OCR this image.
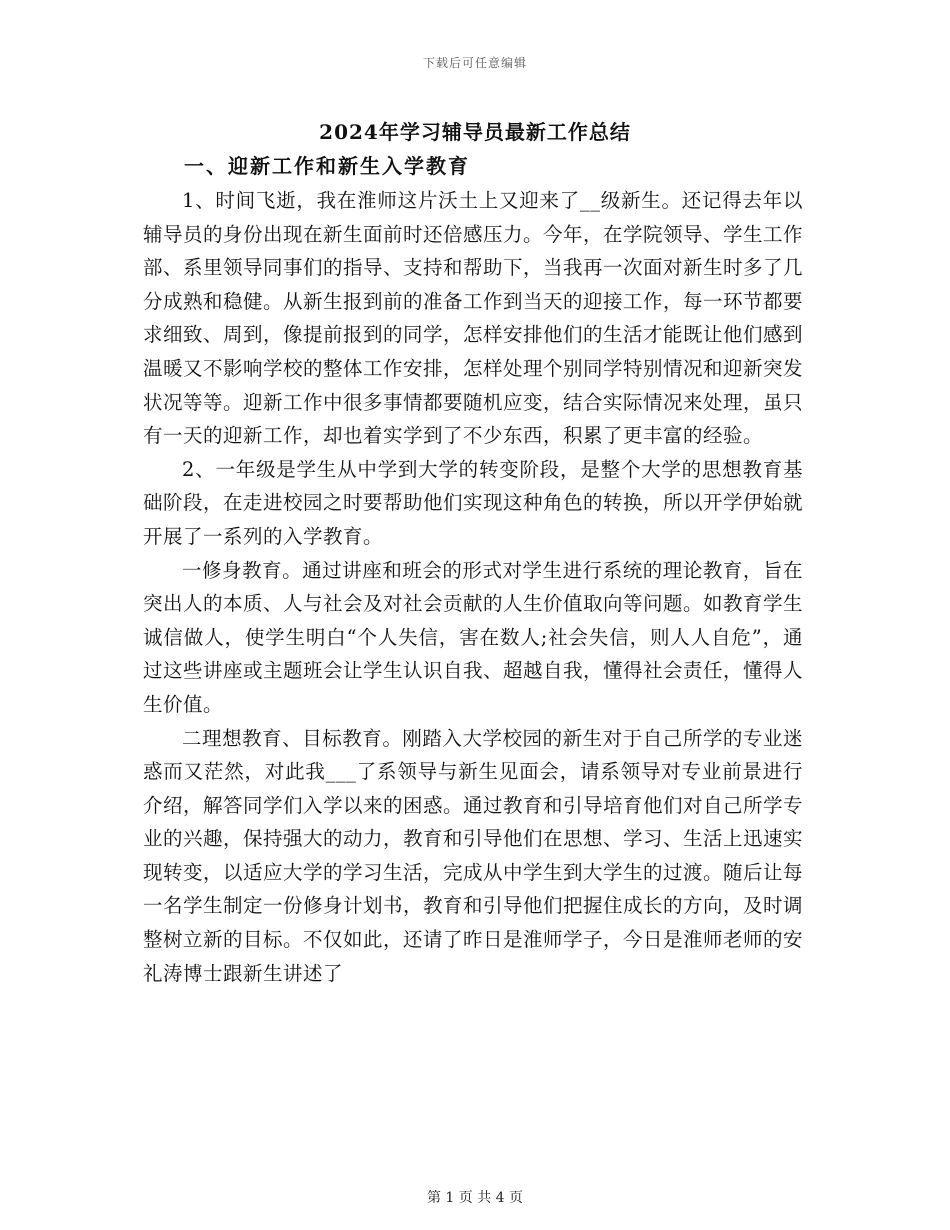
下载后可任意编辑
2024年学习辅导员最新工作总结
一、迎新工作和新生入学教育

1、时间飞逝，我在淮师这片沃土上又迎来了__级新生。还记得去年以辅导员的身份出现在新生面前时还倍感压力。今年，在学院领导、学生工作部、系里领导同事们的指导、支持和帮助下，当我再一次面对新生时多了几分成熟和稳健。从新生报到前的准备工作到当天的迎接工作，每一环节都要求细致、周到，像提前报到的同学，怎样安排他们的生活才能既让他们感到温暖又不影响学校的整体工作安排，怎样处理个别同学特别情况和迎新突发状况等等。迎新工作中很多事情都要随机应变，结合实际情况来处理，虽只有一天的迎新工作，却也着实学到了不少东西，积累了更丰富的经验。

2、一年级是学生从中学到大学的转变阶段，是整个大学的思想教育基础阶段，在走进校园之时要帮助他们实现这种角色的转换，所以开学伊始就开展了一系列的入学教育。

一修身教育。通过讲座和班会的形式对学生进行系统的理论教育，旨在突出人的本质、人与社会及对社会贡献的人生价值取向等问题。如教育学生诚信做人，使学生明白“个人失信，害在数人;社会失信，则人人自危”，通过这些讲座或主题班会让学生认识自我、超越自我，懂得社会责任，懂得人生价值。

二理想教育、目标教育。刚踏入大学校园的新生对于自己所学的专业迷惑而又茫然，对此我___了系领导与新生见面会，请系领导对专业前景进行介绍，解答同学们入学以来的困惑。通过教育和引导培育他们对自己所学专业的兴趣，保持强大的动力，教育和引导他们在思想、学习、生活上迅速实现转变，以适应大学的学习生活，完成从中学生到大学生的过渡。随后让每一名学生制定一份修身计划书，教育和引导他们把握住成长的方向，及时调整树立新的目标。不仅如此，还请了昨日是淮师学子，今日是淮师老师的安礼涛博士跟新生讲述了

第 1 页 共 4 页
